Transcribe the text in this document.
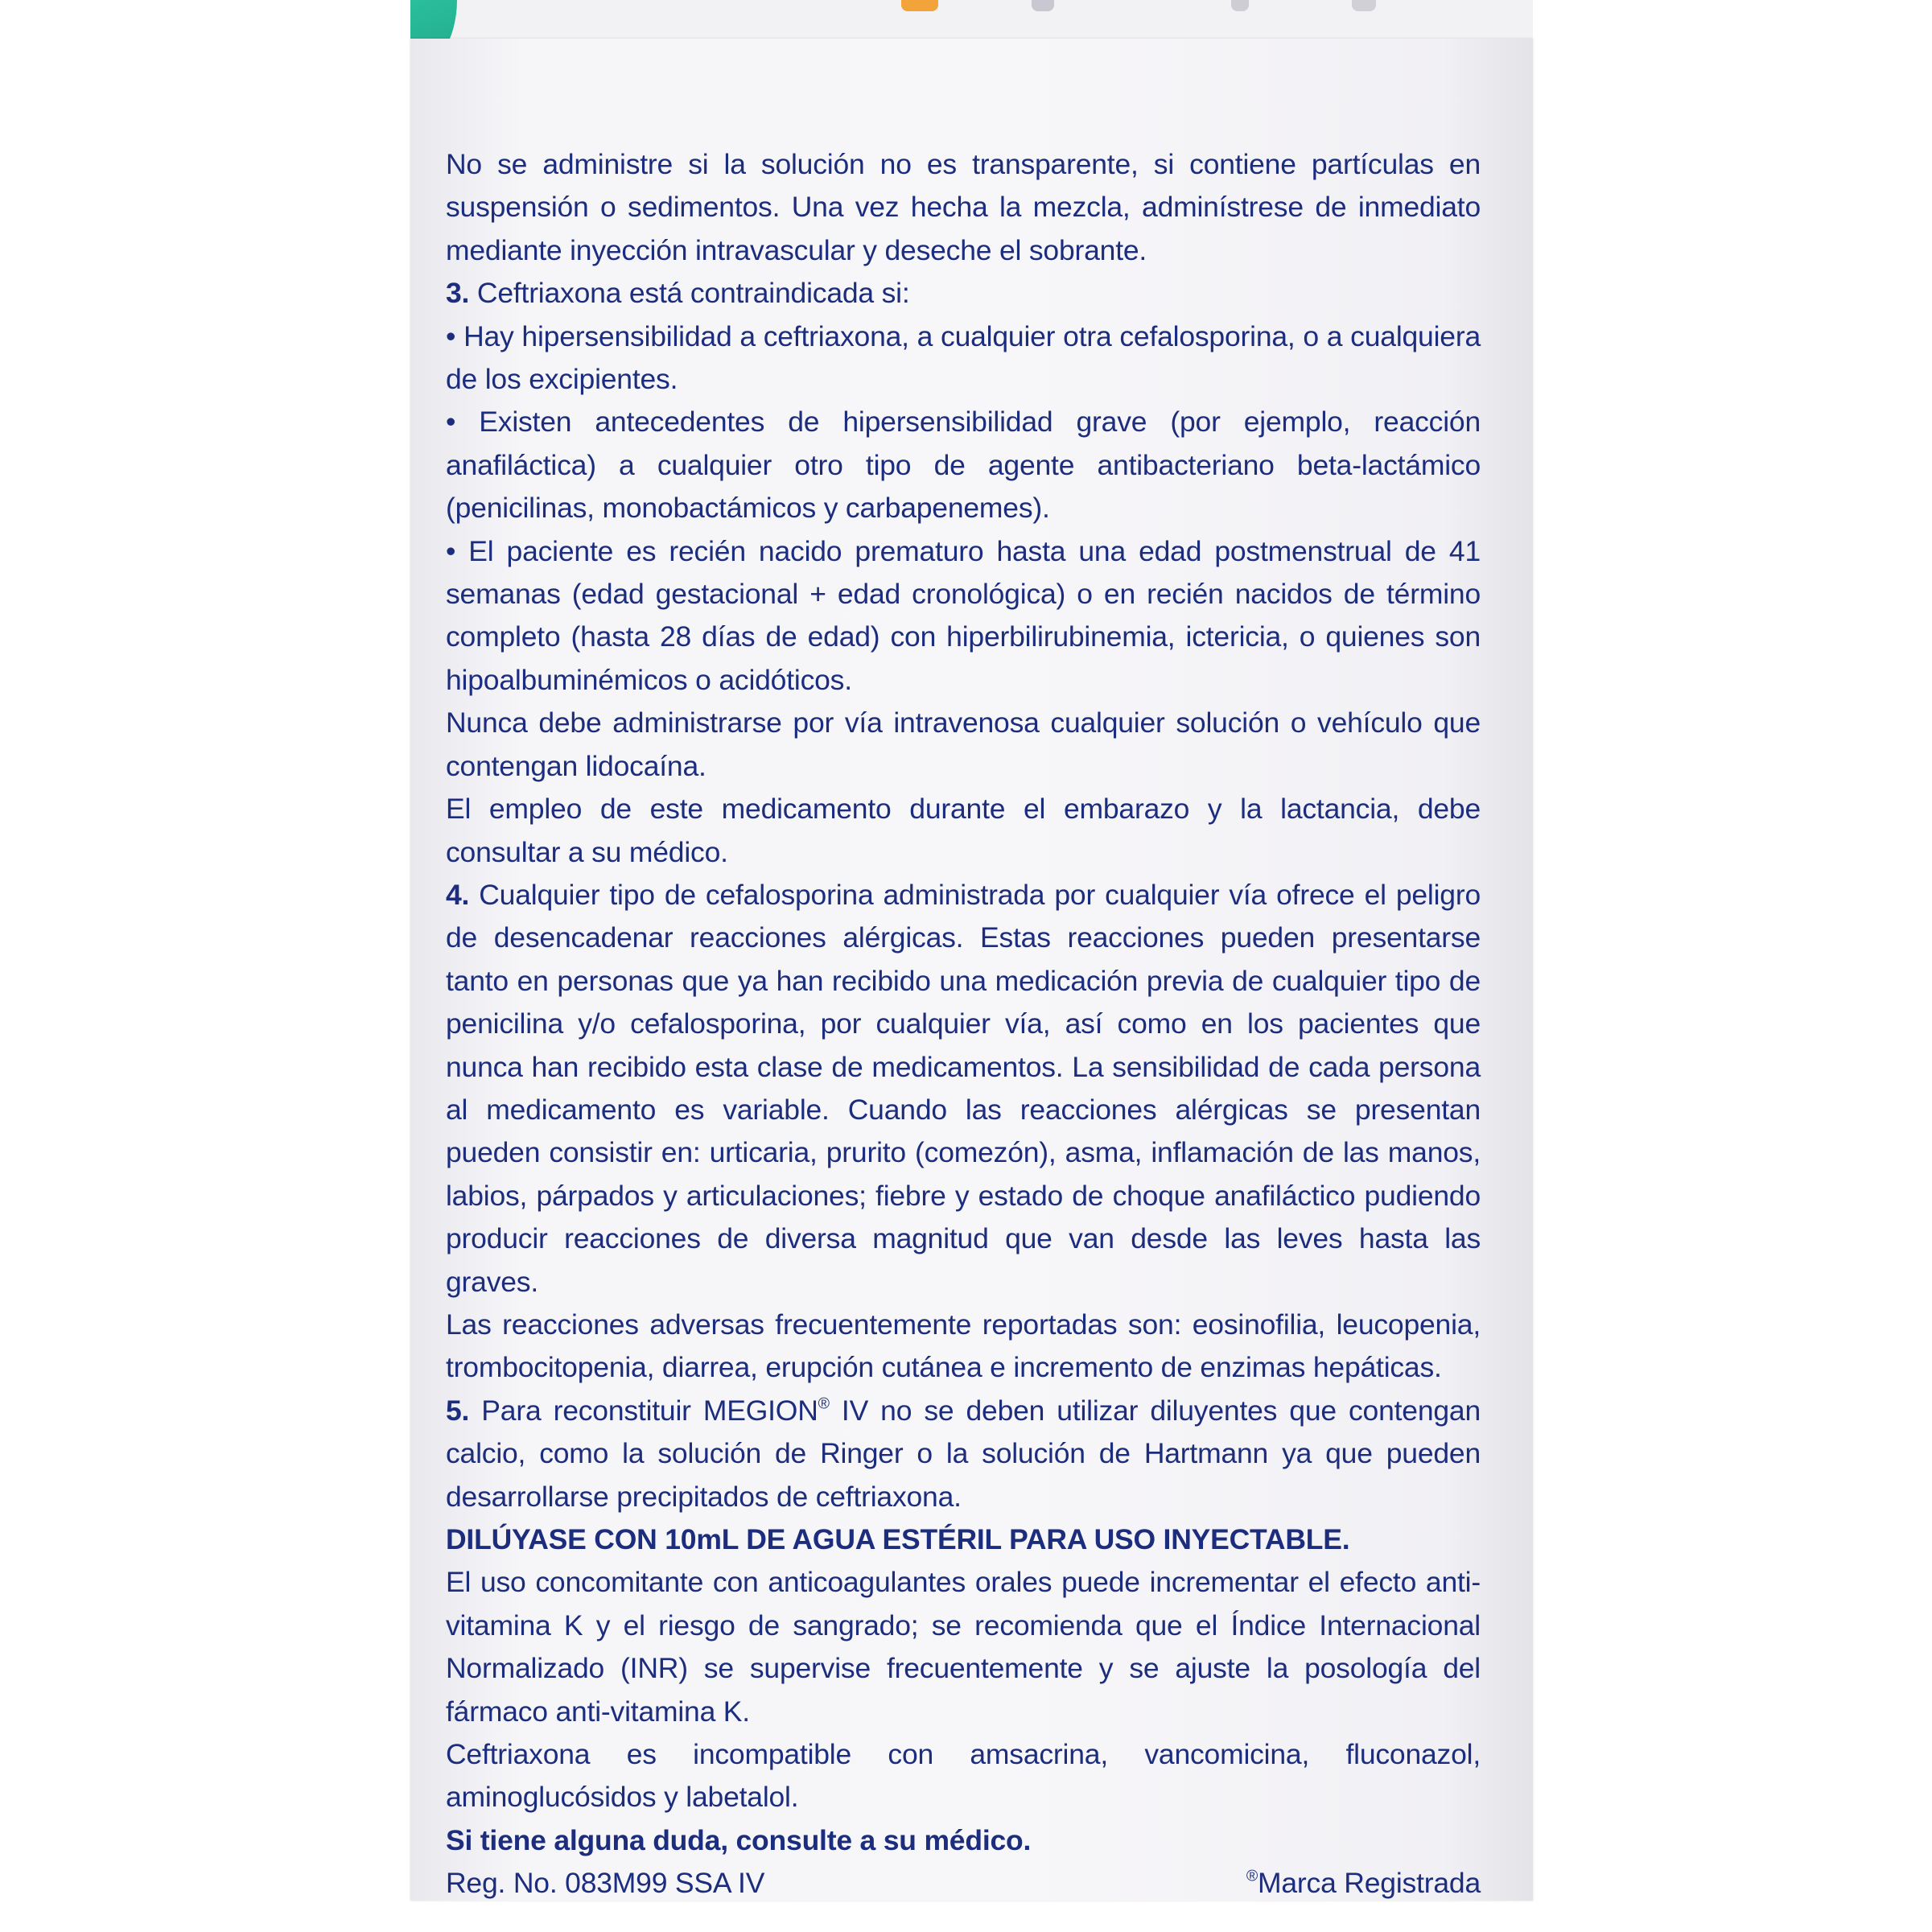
No se administre si la solución no es transparente, si contiene partículas en suspensión o sedimentos. Una vez hecha la mezcla, adminístrese de inmediato mediante inyección intravascular y deseche el sobrante.

3. Ceftriaxona está contraindicada si:

• Hay hipersensibilidad a ceftriaxona, a cualquier otra cefalosporina, o a cualquiera de los excipientes.

• Existen antecedentes de hipersensibilidad grave (por ejemplo, reacción anafiláctica) a cualquier otro tipo de agente antibacteriano beta-lactámico (penicilinas, monobactámicos y carbapenemes).

• El paciente es recién nacido prematuro hasta una edad postmenstrual de 41 semanas (edad gestacional + edad cronológica) o en recién nacidos de término completo (hasta 28 días de edad) con hiperbilirubinemia, ictericia, o quienes son hipoalbuminémicos o acidóticos.

Nunca debe administrarse por vía intravenosa cualquier solución o vehículo que contengan lidocaína.

El empleo de este medicamento durante el embarazo y la lactancia, debe consultar a su médico.

4. Cualquier tipo de cefalosporina administrada por cualquier vía ofrece el peligro de desencadenar reacciones alérgicas. Estas reacciones pueden presentarse tanto en personas que ya han recibido una medicación previa de cualquier tipo de penicilina y/o cefalosporina, por cualquier vía, así como en los pacientes que nunca han recibido esta clase de medicamentos. La sensibilidad de cada persona al medicamento es variable. Cuando las reacciones alérgicas se presentan pueden consistir en: urticaria, prurito (comezón), asma, inflamación de las manos, labios, párpados y articulaciones; fiebre y estado de choque anafiláctico pudiendo producir reacciones de diversa magnitud que van desde las leves hasta las graves.

Las reacciones adversas frecuentemente reportadas son: eosinofilia, leucopenia, trombocitopenia, diarrea, erupción cutánea e incremento de enzimas hepáticas.

5. Para reconstituir MEGION® IV no se deben utilizar diluyentes que contengan calcio, como la solución de Ringer o la solución de Hartmann ya que pueden desarrollarse precipitados de ceftriaxona.

DILÚYASE CON 10mL DE AGUA ESTÉRIL PARA USO INYECTABLE.

El uso concomitante con anticoagulantes orales puede incrementar el efecto anti-vitamina K y el riesgo de sangrado; se recomienda que el Índice Internacional Normalizado (INR) se supervise frecuentemente y se ajuste la posología del fármaco anti-vitamina K.

Ceftriaxona es incompatible con amsacrina, vancomicina, fluconazol, aminoglucósidos y labetalol.

Si tiene alguna duda, consulte a su médico.

Reg. No. 083M99 SSA IV	®Marca Registrada
